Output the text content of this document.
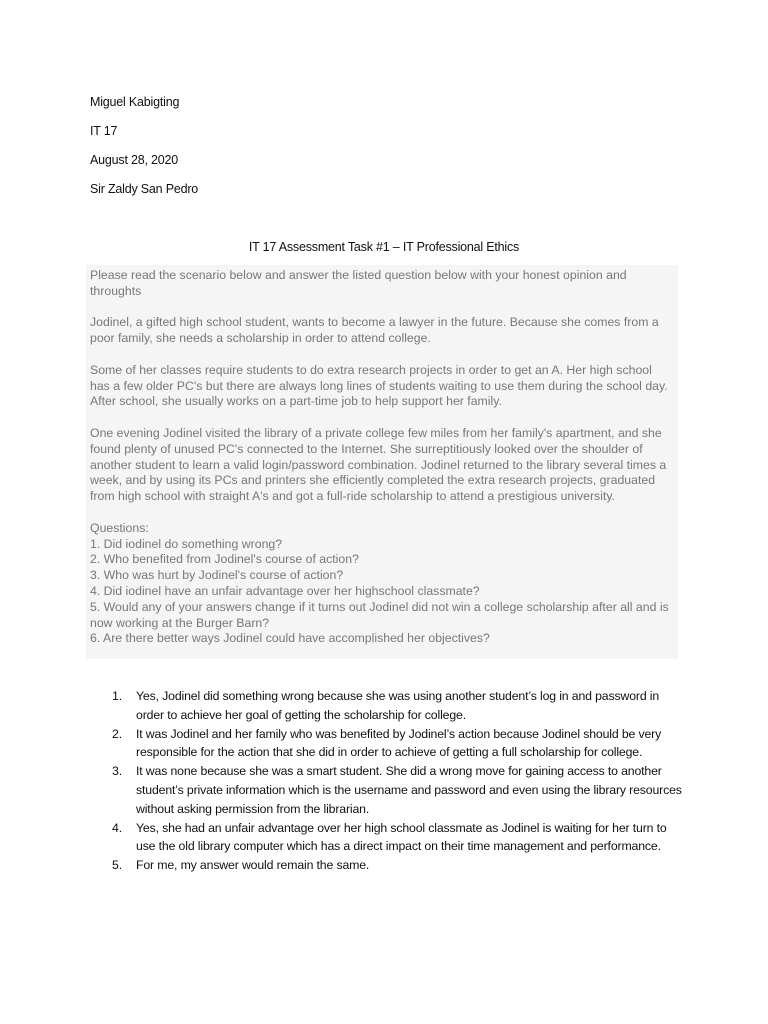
Miguel Kabigting
IT 17
August 28, 2020
Sir Zaldy San Pedro
IT 17 Assessment Task #1 – IT Professional Ethics

Please read the scenario below and answer the listed question below with your honest opinion and throughts

Jodinel, a gifted high school student, wants to become a lawyer in the future. Because she comes from a poor family, she needs a scholarship in order to attend college.

Some of her classes require students to do extra research projects in order to get an A. Her high school has a few older PC's but there are always long lines of students waiting to use them during the school day. After school, she usually works on a part-time job to help support her family.

One evening Jodinel visited the library of a private college few miles from her family's apartment, and she found plenty of unused PC's connected to the Internet. She surreptitiously looked over the shoulder of another student to learn a valid login/password combination. Jodinel returned to the library several times a week, and by using its PCs and printers she efficiently completed the extra research projects, graduated from high school with straight A's and got a full-ride scholarship to attend a prestigious university.

Questions:
1. Did iodinel do something wrong?
2. Who benefited from Jodinel's course of action?
3. Who was hurt by Jodinel's course of action?
4. Did iodinel have an unfair advantage over her highschool classmate?
5. Would any of your answers change if it turns out Jodinel did not win a college scholarship after all and is now working at the Burger Barn?
6. Are there better ways Jodinel could have accomplished her objectives?
1. Yes, Jodinel did something wrong because she was using another student’s log in and password in order to achieve her goal of getting the scholarship for college.
2. It was Jodinel and her family who was benefited by Jodinel’s action because Jodinel should be very responsible for the action that she did in order to achieve of getting a full scholarship for college.
3. It was none because she was a smart student. She did a wrong move for gaining access to another student’s private information which is the username and password and even using the library resources without asking permission from the librarian.
4. Yes, she had an unfair advantage over her high school classmate as Jodinel is waiting for her turn to use the old library computer which has a direct impact on their time management and performance.
5. For me, my answer would remain the same.
